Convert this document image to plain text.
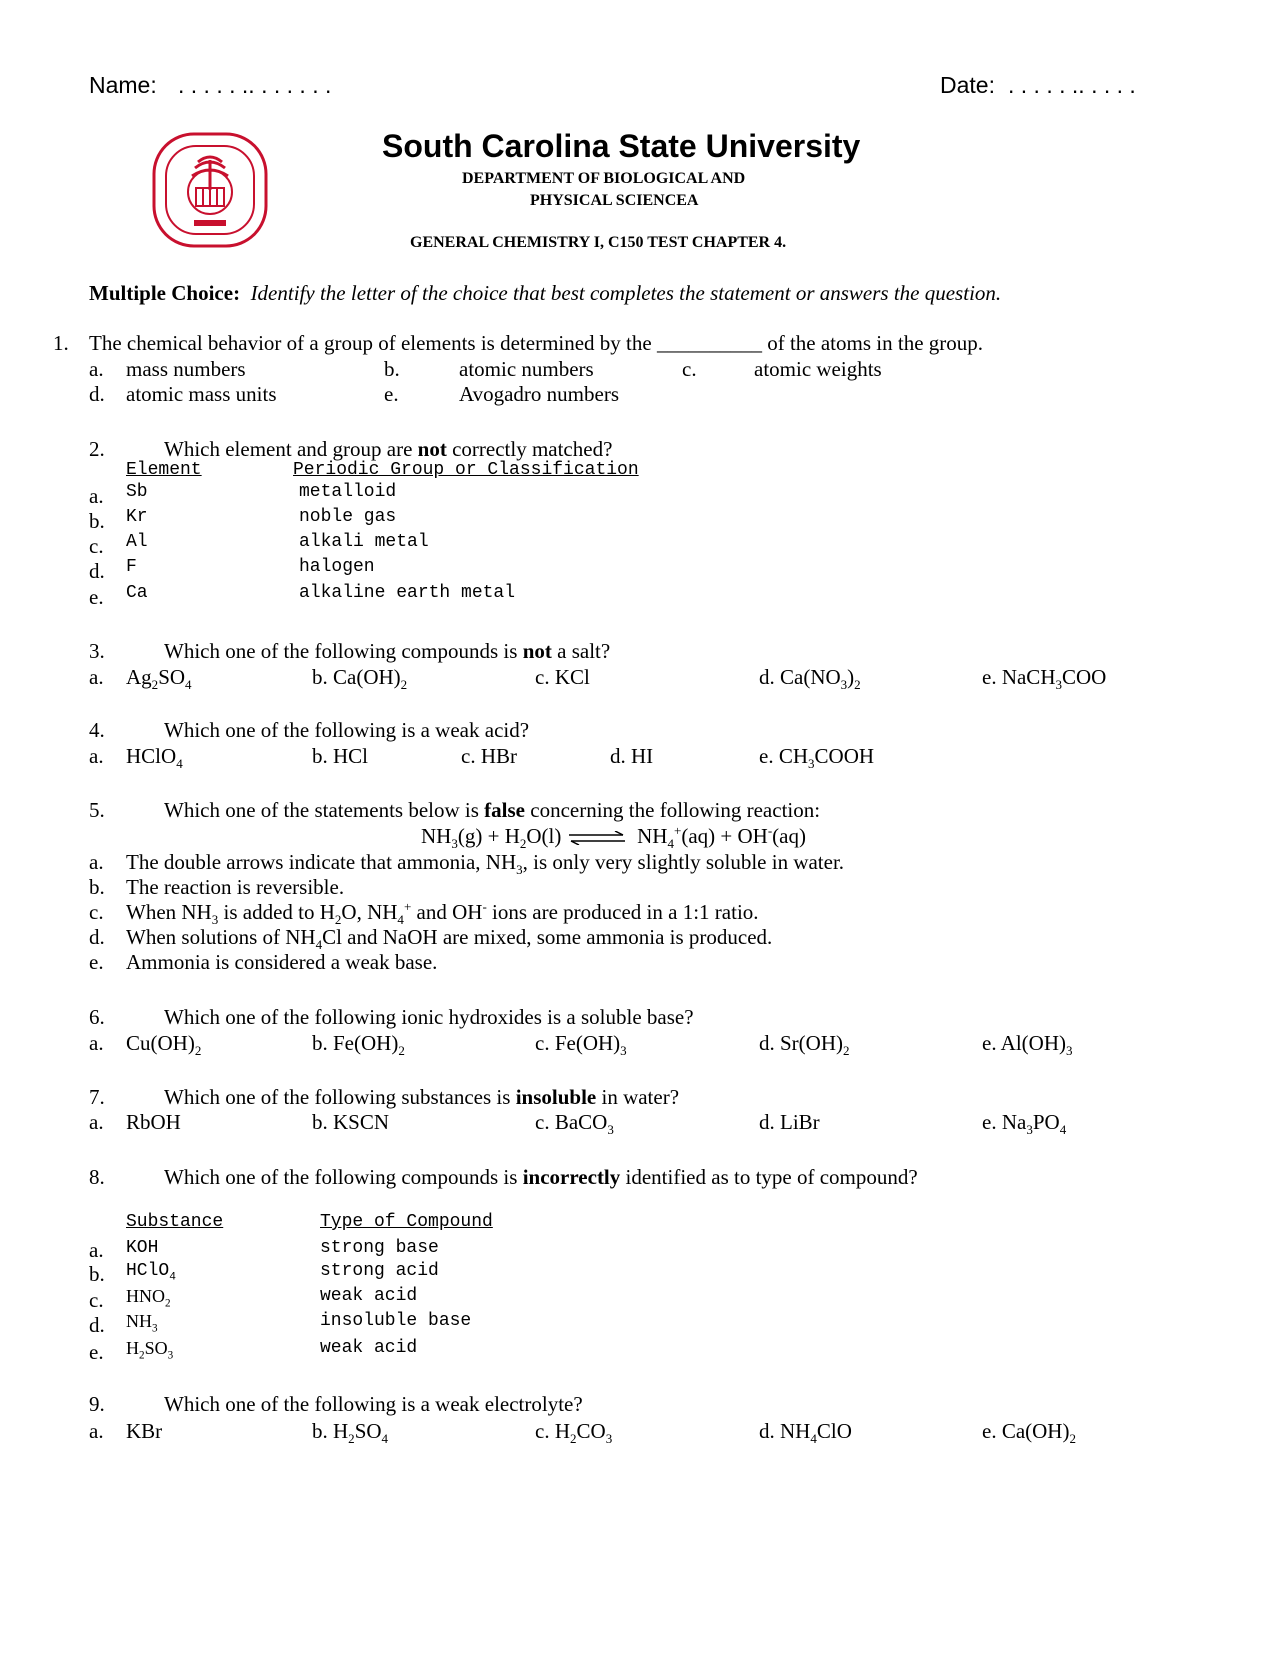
Name: . . . . . .. . . . . . .	Date: . . . . . .. . . . .
South Carolina State University
DEPARTMENT OF BIOLOGICAL AND
PHYSICAL SCIENCEA
GENERAL CHEMISTRY I, C150 TEST CHAPTER 4.
Multiple Choice: Identify the letter of the choice that best completes the statement or answers the question.
1. The chemical behavior of a group of elements is determined by the __________ of the atoms in the group.
a. mass numbers	b.	atomic numbers	c.	atomic weights
d. atomic mass units	e.	Avogadro numbers
2.	Which element and group are not correctly matched?
Element	Periodic Group or Classification
a. Sb	metalloid
b. Kr	noble gas
c. Al	alkali metal
d. F	halogen
e. Ca	alkaline earth metal
3.	Which one of the following compounds is not a salt?
a. $Ag_2SO_4$	b. $Ca(OH)_2$	c. KCl	d. $Ca(NO_3)_2$	e. NaCH$_3$COO
4.	Which one of the following is a weak acid?
a. HClO$_4$	b. HCl	c. HBr	d. HI	e. $CH_3COOH$
5.	Which one of the statements below is false concerning the following reaction:
$NH_3(g) + H_2O(l)$ ⇌ $NH_4^+(aq) + OH^-(aq)$
a. The double arrows indicate that ammonia, $NH_3$, is only very slightly soluble in water.
b. The reaction is reversible.
c. When $NH_3$ is added to $H_2O$, $NH_4^+$ and OH- ions are produced in a 1:1 ratio.
d. When solutions of $NH_4Cl$ and NaOH are mixed, some ammonia is produced.
e. Ammonia is considered a weak base.
6.	Which one of the following ionic hydroxides is a soluble base?
a. $Cu(OH)_2$	b. $Fe(OH)_2$	c. $Fe(OH)_3$	d. $Sr(OH)_2$	e. $Al(OH)_3$
7.	Which one of the following substances is insoluble in water?
a. RbOH	b. KSCN	c. BaCO$_3$	d. LiBr	e. $Na_3PO_4$
8.	Which one of the following compounds is incorrectly identified as to type of compound?
Substance	Type of Compound
a. KOH	strong base
b. HClO$_4$	strong acid
c. $HNO_2$	weak acid
d. $NH_3$	insoluble base
e. $H_2SO_3$	weak acid
9.	Which one of the following is a weak electrolyte?
a. KBr	b. $H_2SO_4$	c. $H_2CO_3$	d. $NH_4ClO$	e. $Ca(OH)_2$
